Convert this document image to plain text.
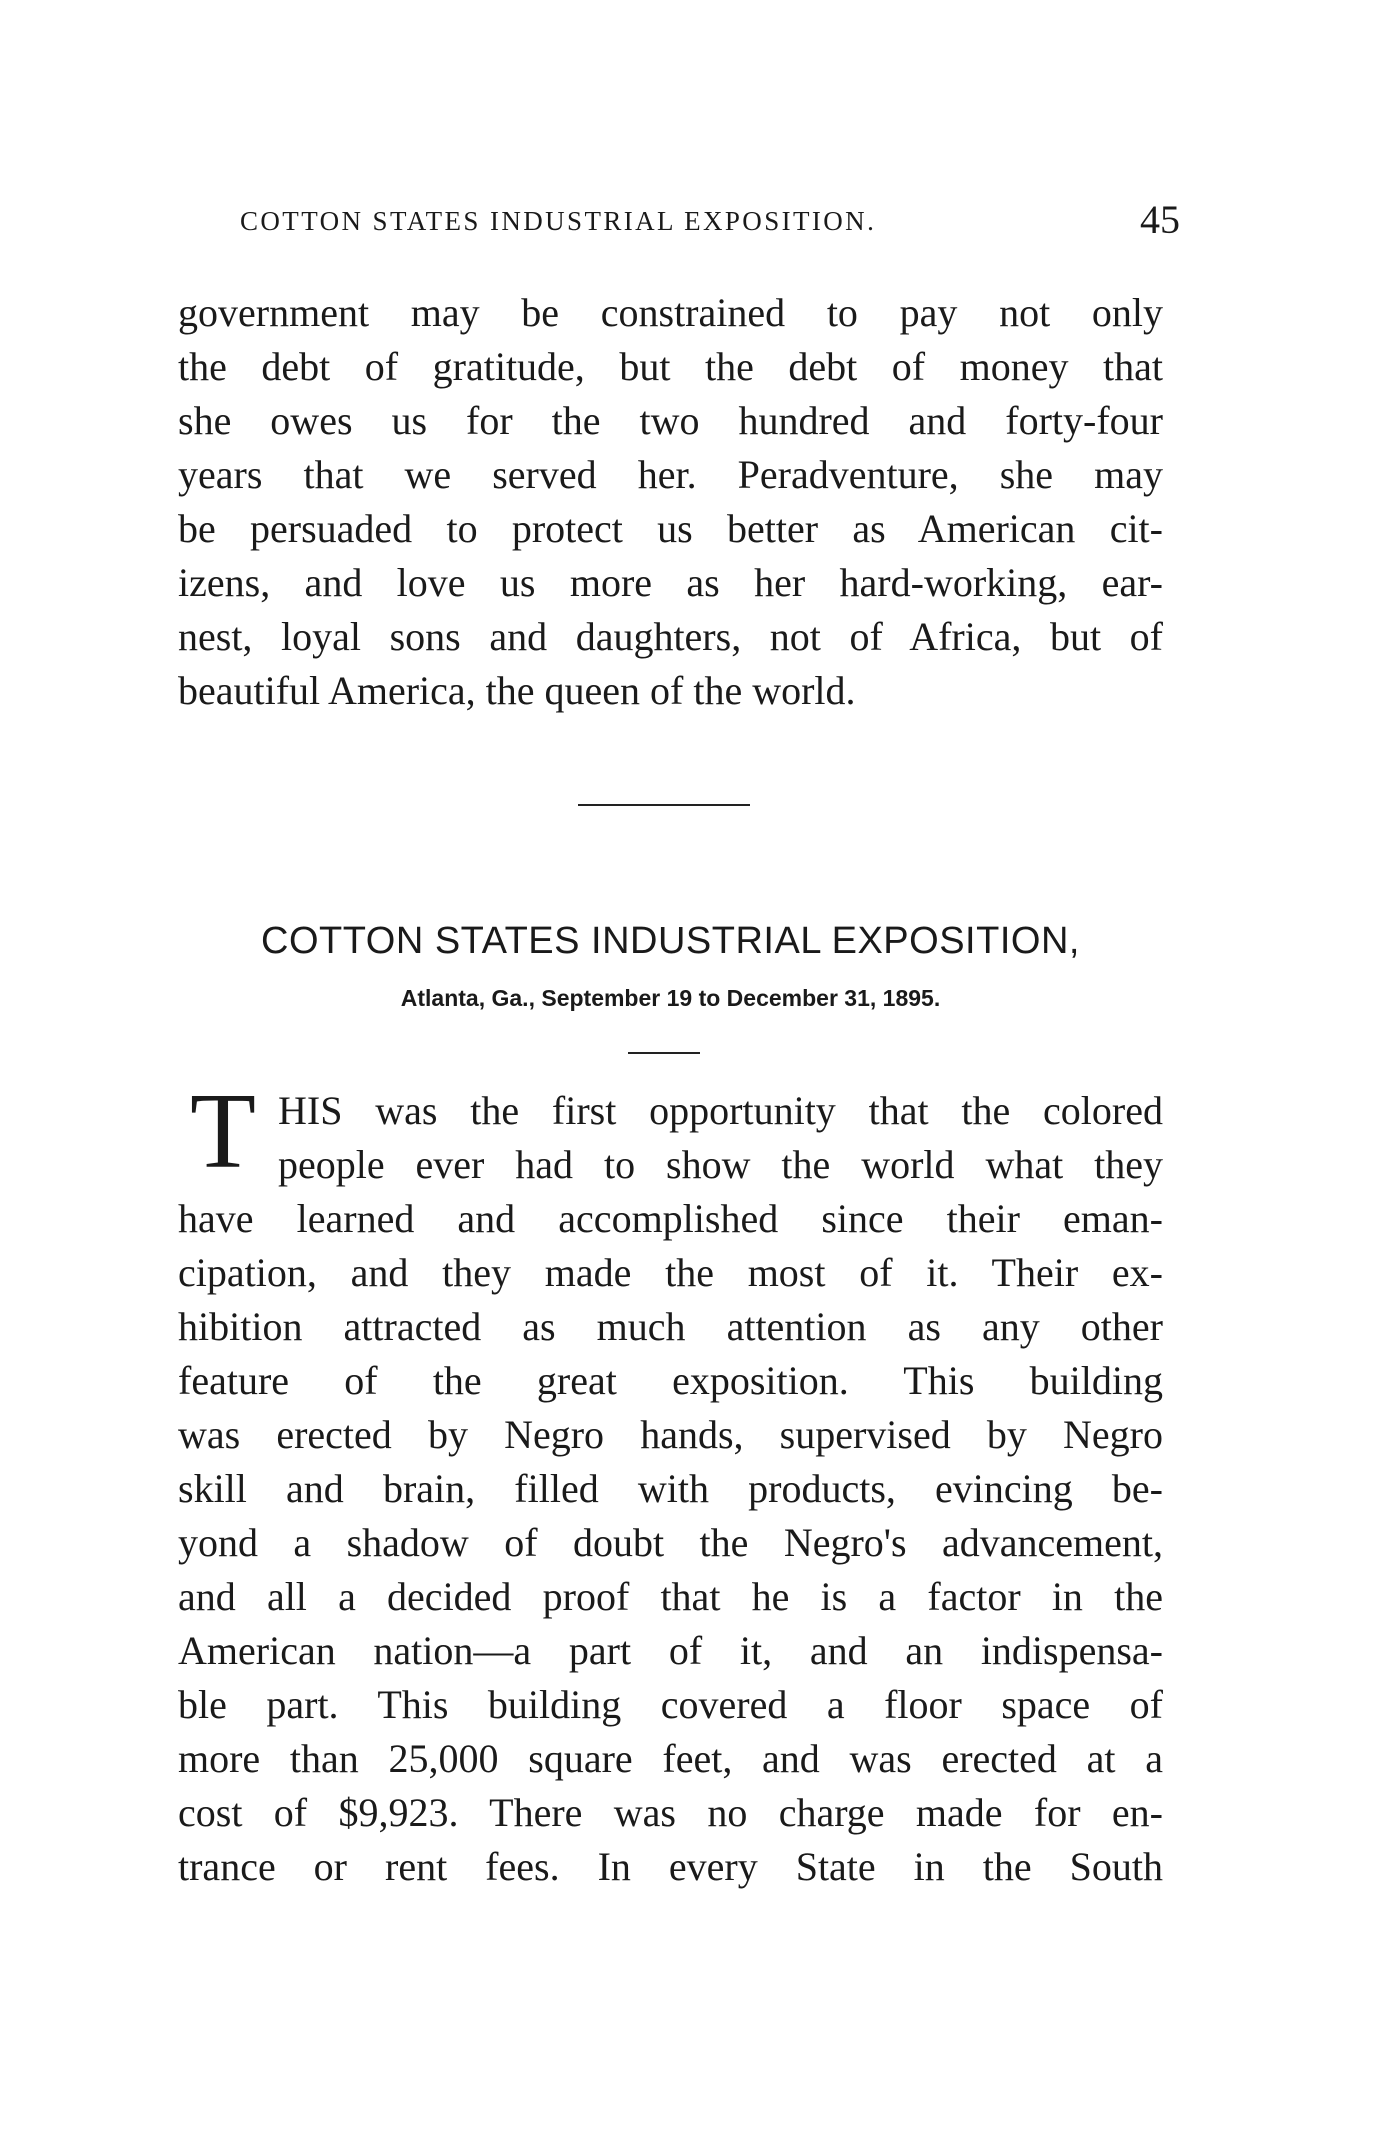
COTTON STATES INDUSTRIAL EXPOSITION.	45
government may be constrained to pay not only
the debt of gratitude, but the debt of money that
she owes us for the two hundred and forty-four
years that we served her. Peradventure, she may
be persuaded to protect us better as American cit-
izens, and love us more as her hard-working, ear-
nest, loyal sons and daughters, not of Africa, but of
beautiful America, the queen of the world.
COTTON STATES INDUSTRIAL EXPOSITION,
Atlanta, Ga., September 19 to December 31, 1895.
T HIS was the first opportunity that the colored
people ever had to show the world what they
have learned and accomplished since their eman-
cipation, and they made the most of it. Their ex-
hibition attracted as much attention as any other
feature of the great exposition. This building
was erected by Negro hands, supervised by Negro
skill and brain, filled with products, evincing be-
yond a shadow of doubt the Negro's advancement,
and all a decided proof that he is a factor in the
American nation—a part of it, and an indispensa-
ble part. This building covered a floor space of
more than 25,000 square feet, and was erected at a
cost of $9,923. There was no charge made for en-
trance or rent fees. In every State in the South
